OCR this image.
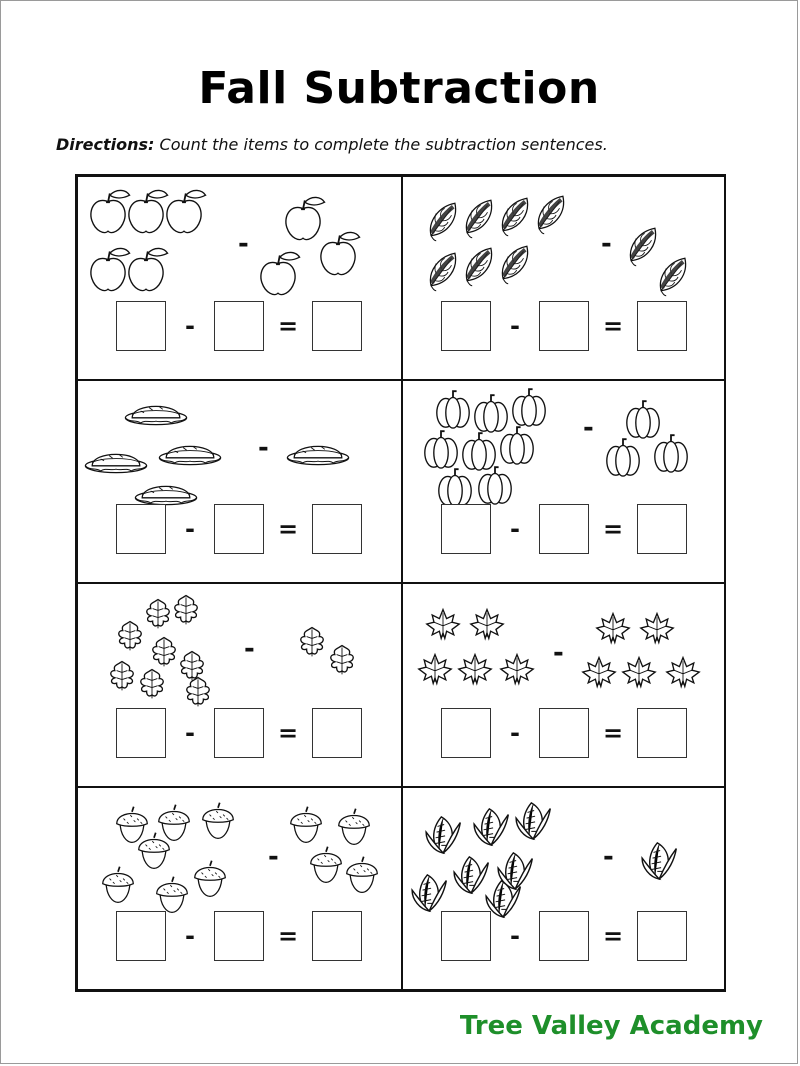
Fall Subtraction
Directions: Count the items to complete the subtraction sentences.
-
-	=
-
-	=
-
-	=
-
-	=
-
-	=
-
-	=
-
-	=
-
-	=
Tree Valley Academy
